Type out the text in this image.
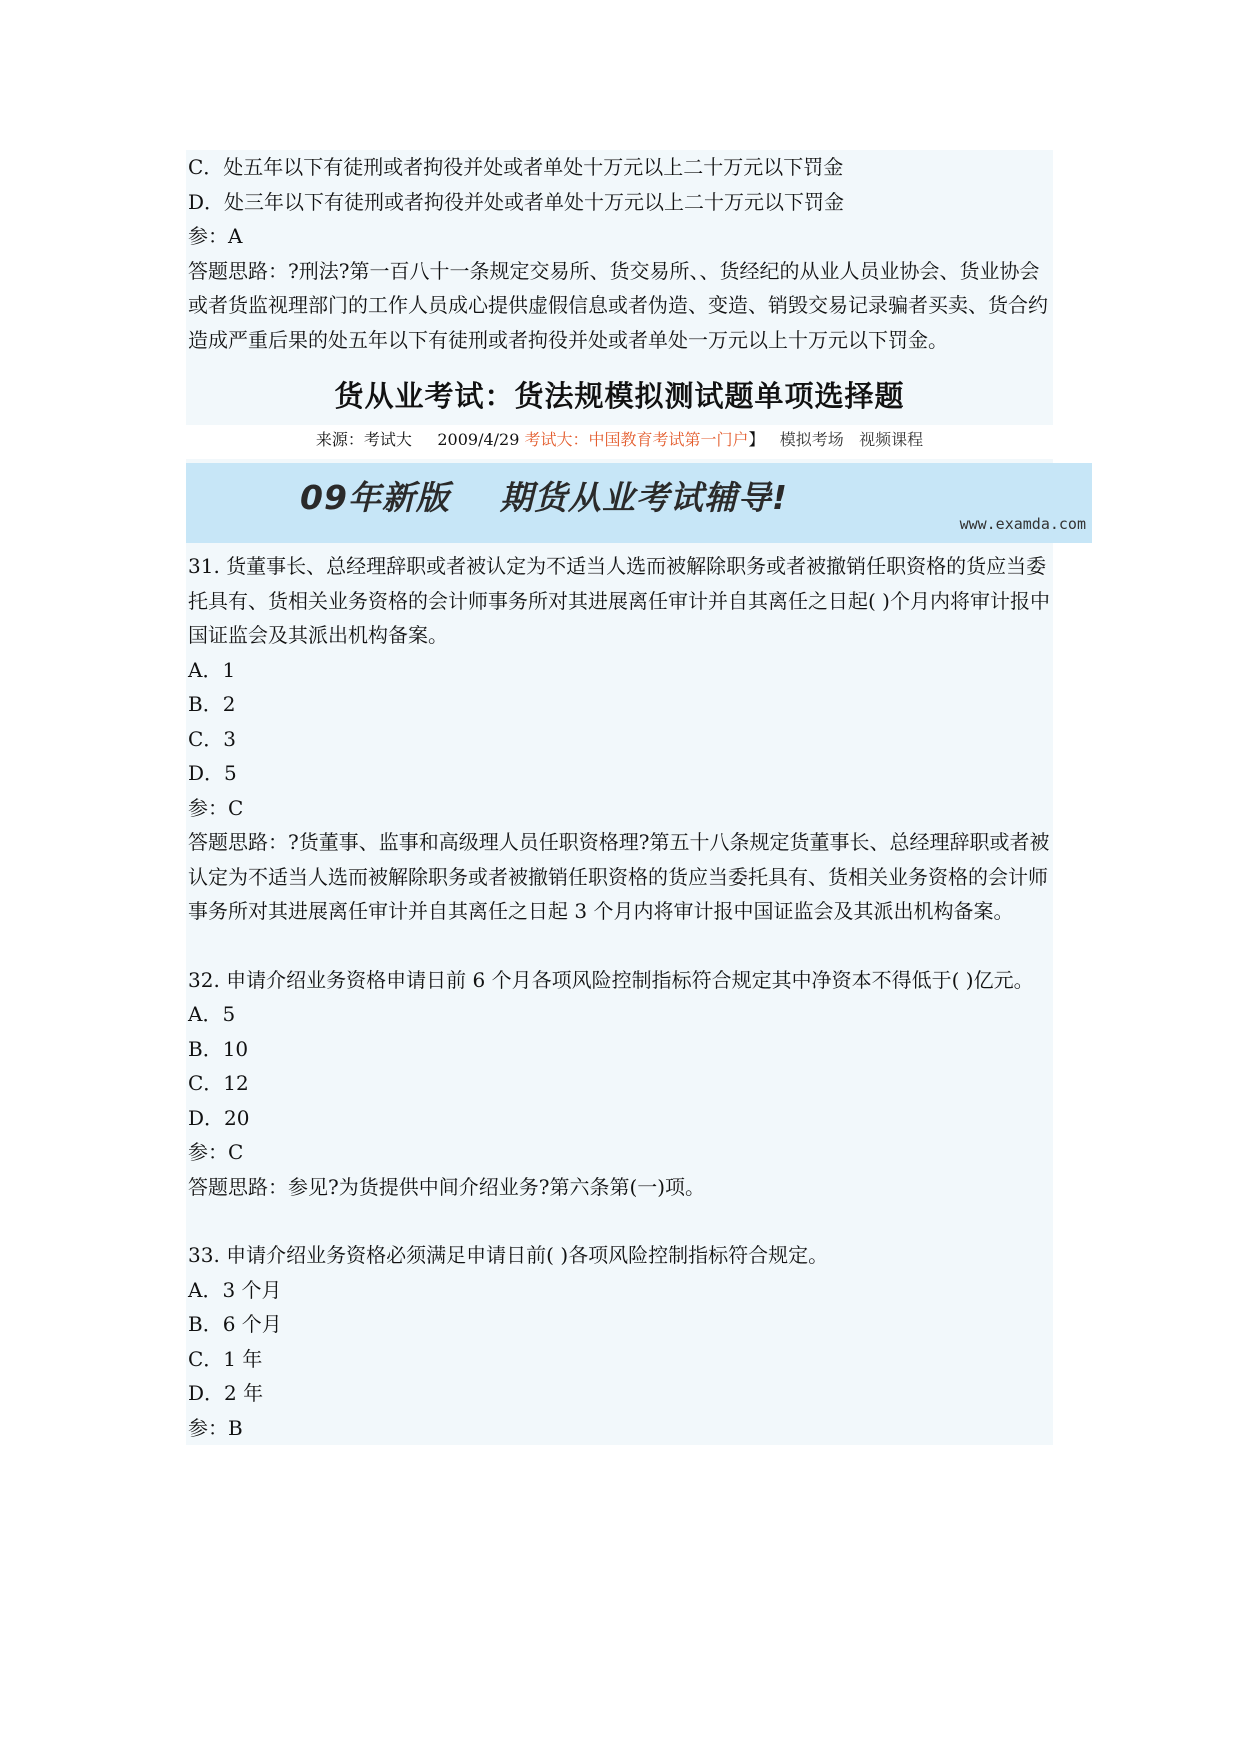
C．处五年以下有徒刑或者拘役并处或者单处十万元以上二十万元以下罚金

D．处三年以下有徒刑或者拘役并处或者单处十万元以上二十万元以下罚金

参：A

答题思路：?刑法?第一百八十一条规定交易所、货交易所、、货经纪的从业人员业协会、货业协会或者货监视理部门的工作人员成心提供虚假信息或者伪造、变造、销毁交易记录骗者买卖、货合约造成严重后果的处五年以下有徒刑或者拘役并处或者单处一万元以上十万元以下罚金。

货从业考试：货法规模拟测试题单项选择题

来源：考试大 2009/4/29 考试大：中国教育考试第一门户】 模拟考场 视频课程

09年新版    期货从业考试辅导!
www.examda.com

31. 货董事长、总经理辞职或者被认定为不适当人选而被解除职务或者被撤销任职资格的货应当委托具有、货相关业务资格的会计师事务所对其进展离任审计并自其离任之日起( )个月内将审计报中国证监会及其派出机构备案。

A．1

B．2

C．3

D．5

参：C

答题思路：?货董事、监事和高级理人员任职资格理?第五十八条规定货董事长、总经理辞职或者被认定为不适当人选而被解除职务或者被撤销任职资格的货应当委托具有、货相关业务资格的会计师事务所对其进展离任审计并自其离任之日起 3 个月内将审计报中国证监会及其派出机构备案。

32. 申请介绍业务资格申请日前 6 个月各项风险控制指标符合规定其中净资本不得低于( )亿元。

A．5

B．10

C．12

D．20

参：C

答题思路：参见?为货提供中间介绍业务?第六条第(一)项。

33. 申请介绍业务资格必须满足申请日前( )各项风险控制指标符合规定。

A．3 个月

B．6 个月

C．1 年

D．2 年

参：B
